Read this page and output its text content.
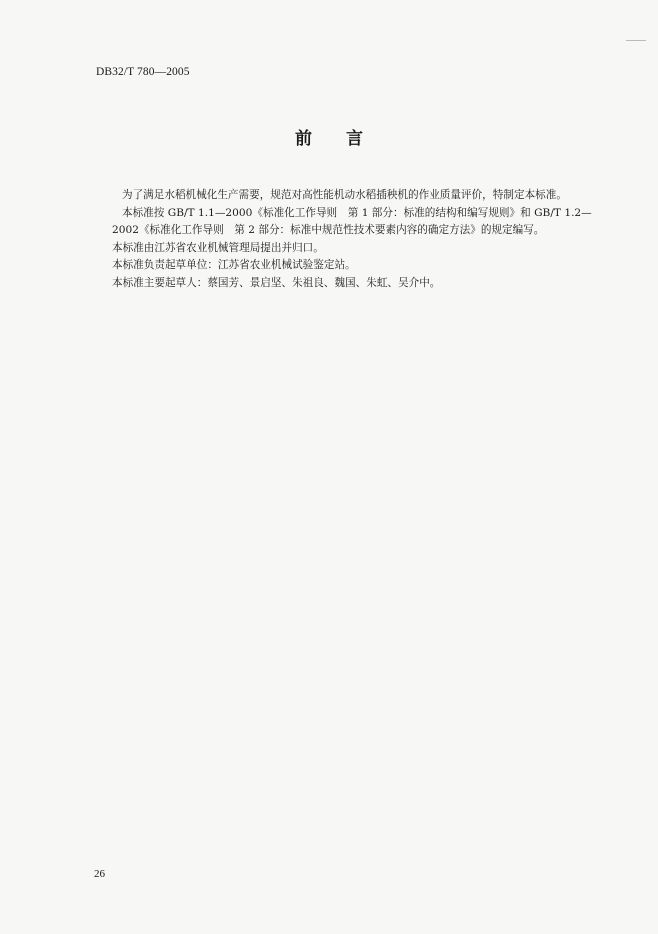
DB32/T 780—2005
前 言

为了满足水稻机械化生产需要，规范对高性能机动水稻插秧机的作业质量评价，特制定本标准。

本标准按 GB/T 1.1—2000《标准化工作导则　第 1 部分：标准的结构和编写规则》和 GB/T 1.2—

2002《标准化工作导则　第 2 部分：标准中规范性技术要素内容的确定方法》的规定编写。

本标准由江苏省农业机械管理局提出并归口。

本标准负责起草单位：江苏省农业机械试验鉴定站。

本标准主要起草人：蔡国芳、景启坚、朱祖良、魏国、朱虹、吴介中。

26
